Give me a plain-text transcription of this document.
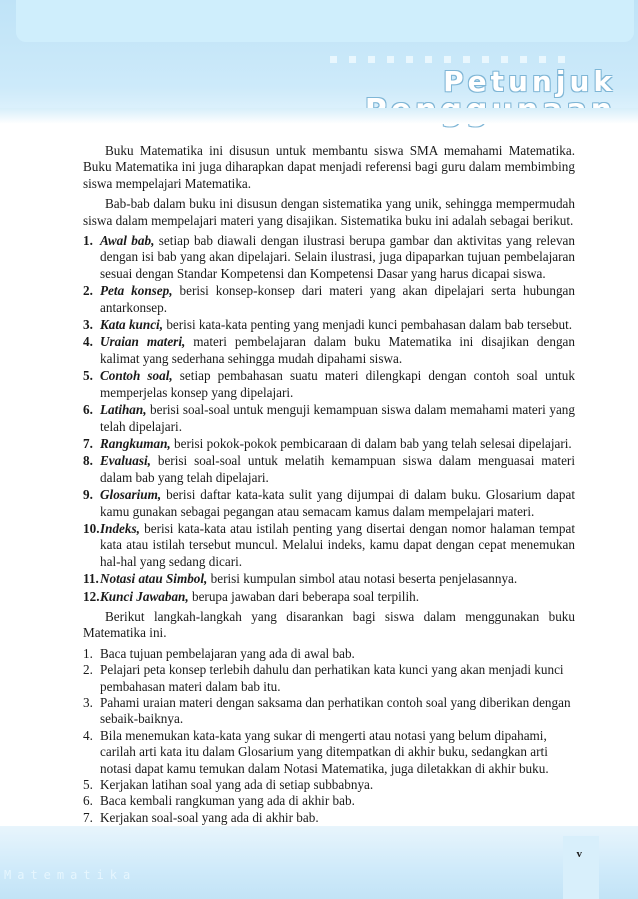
Petunjuk

Buku Matematika ini disusun untuk membantu siswa SMA memahami Matematika. Buku Matematika ini juga diharapkan dapat menjadi referensi bagi guru dalam membimbing siswa mempelajari Matematika.

Bab-bab dalam buku ini disusun dengan sistematika yang unik, sehingga mempermudah siswa dalam mempelajari materi yang disajikan. Sistematika buku ini adalah sebagai berikut.

1. Awal bab, setiap bab diawali dengan ilustrasi berupa gambar dan aktivitas yang relevan dengan isi bab yang akan dipelajari. Selain ilustrasi, juga dipaparkan tujuan pembelajaran sesuai dengan Standar Kompetensi dan Kompetensi Dasar yang harus dicapai siswa.
2. Peta konsep, berisi konsep-konsep dari materi yang akan dipelajari serta hubungan antarkonsep.
3. Kata kunci, berisi kata-kata penting yang menjadi kunci pembahasan dalam bab tersebut.
4. Uraian materi, materi pembelajaran dalam buku Matematika ini disajikan dengan kalimat yang sederhana sehingga mudah dipahami siswa.
5. Contoh soal, setiap pembahasan suatu materi dilengkapi dengan contoh soal untuk memperjelas konsep yang dipelajari.
6. Latihan, berisi soal-soal untuk menguji kemampuan siswa dalam memahami materi yang telah dipelajari.
7. Rangkuman, berisi pokok-pokok pembicaraan di dalam bab yang telah selesai dipelajari.
8. Evaluasi, berisi soal-soal untuk melatih kemampuan siswa dalam menguasai materi dalam bab yang telah dipelajari.
9. Glosarium, berisi daftar kata-kata sulit yang dijumpai di dalam buku. Glosarium dapat kamu gunakan sebagai pegangan atau semacam kamus dalam mempelajari materi.
10. Indeks, berisi kata-kata atau istilah penting yang disertai dengan nomor halaman tempat kata atau istilah tersebut muncul. Melalui indeks, kamu dapat dengan cepat menemukan hal-hal yang sedang dicari.
11. Notasi atau Simbol, berisi kumpulan simbol atau notasi beserta penjelasannya.
12. Kunci Jawaban, berupa jawaban dari beberapa soal terpilih.

Berikut langkah-langkah yang disarankan bagi siswa dalam menggunakan buku Matematika ini.

1. Baca tujuan pembelajaran yang ada di awal bab.
2. Pelajari peta konsep terlebih dahulu dan perhatikan kata kunci yang akan menjadi kunci pembahasan materi dalam bab itu.
3. Pahami uraian materi dengan saksama dan perhatikan contoh soal yang diberikan dengan sebaik-baiknya.
4. Bila menemukan kata-kata yang sukar di mengerti atau notasi yang belum dipahami, carilah arti kata itu dalam Glosarium yang ditempatkan di akhir buku, sedangkan arti notasi dapat kamu temukan dalam Notasi Matematika, juga diletakkan di akhir buku.
5. Kerjakan latihan soal yang ada di setiap subbabnya.
6. Baca kembali rangkuman yang ada di akhir bab.
7. Kerjakan soal-soal yang ada di akhir bab.
Matematika
v
